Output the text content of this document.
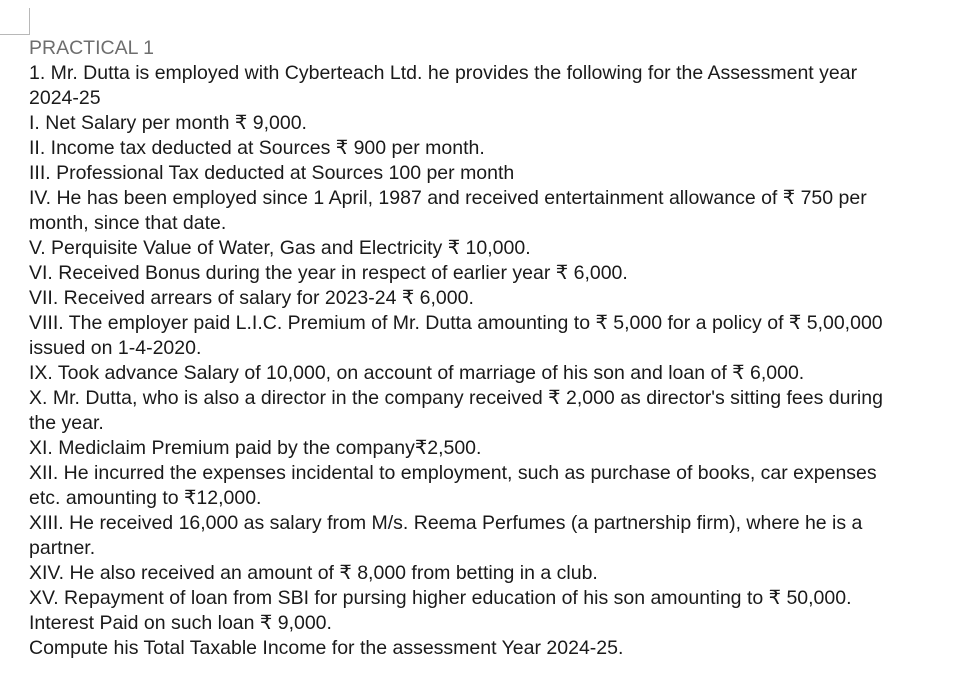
PRACTICAL 1
1. Mr. Dutta is employed with Cyberteach Ltd. he provides the following for the Assessment year
2024-25
I. Net Salary per month ₹ 9,000.
II. Income tax deducted at Sources ₹ 900 per month.
III. Professional Tax deducted at Sources 100 per month
IV. He has been employed since 1 April, 1987 and received entertainment allowance of ₹ 750 per
month, since that date.
V. Perquisite Value of Water, Gas and Electricity ₹ 10,000.
VI. Received Bonus during the year in respect of earlier year ₹ 6,000.
VII. Received arrears of salary for 2023-24 ₹ 6,000.
VIII. The employer paid L.I.C. Premium of Mr. Dutta amounting to ₹ 5,000 for a policy of ₹ 5,00,000
issued on 1-4-2020.
IX. Took advance Salary of 10,000, on account of marriage of his son and loan of ₹ 6,000.
X. Mr. Dutta, who is also a director in the company received ₹ 2,000 as director's sitting fees during
the year.
XI. Mediclaim Premium paid by the company₹2,500.
XII. He incurred the expenses incidental to employment, such as purchase of books, car expenses
etc. amounting to ₹12,000.
XIII. He received 16,000 as salary from M/s. Reema Perfumes (a partnership firm), where he is a
partner.
XIV. He also received an amount of ₹ 8,000 from betting in a club.
XV. Repayment of loan from SBI for pursing higher education of his son amounting to ₹ 50,000.
Interest Paid on such loan ₹ 9,000.
Compute his Total Taxable Income for the assessment Year 2024-25.
